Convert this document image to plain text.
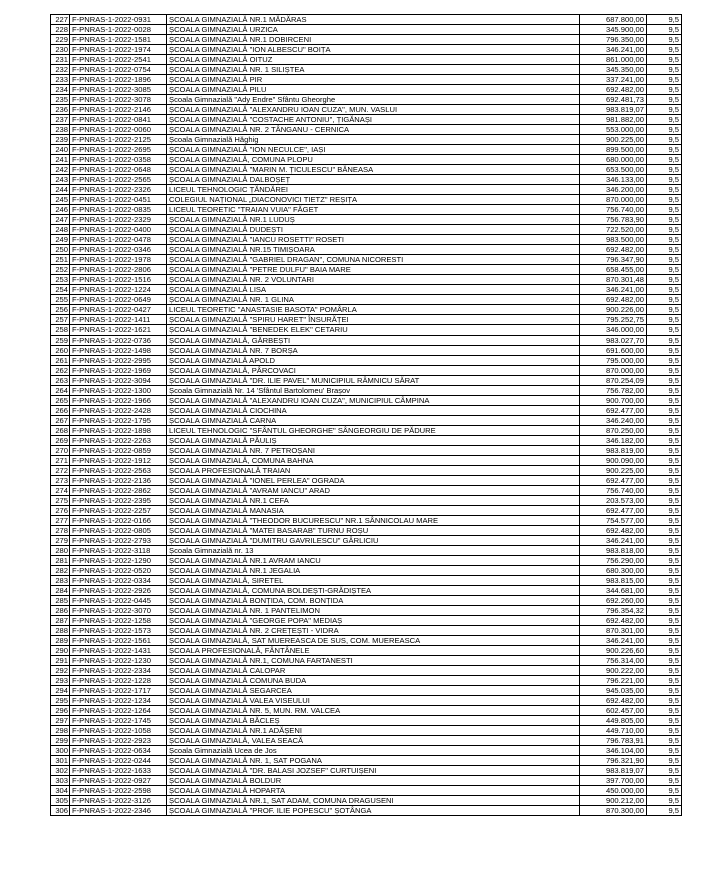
227	F-PNRAS-1-2022-0931	ȘCOALA GIMNAZIALĂ NR.1 MĂDĂRAS	687.800,00	9,5
228	F-PNRAS-1-2022-0028	ȘCOALA GIMNAZIALĂ URZICA	345.900,00	9,5
229	F-PNRAS-1-2022-1581	ȘCOALA GIMNAZIALĂ NR.1 DOBIRCENI	796.350,00	9,5
230	F-PNRAS-1-2022-1974	ȘCOALA GIMNAZIALĂ "ION ALBESCU" BOIȚA	346.241,00	9,5
231	F-PNRAS-1-2022-2541	ȘCOALA GIMNAZIALĂ OITUZ	861.000,00	9,5
232	F-PNRAS-1-2022-0754	ȘCOALA GIMNAZIALĂ NR. 1 SILIȘTEA	345.350,00	9,5
233	F-PNRAS-1-2022-1896	ȘCOALA GIMNAZIALĂ PIR	337.241,00	9,5
234	F-PNRAS-1-2022-3085	ȘCOALA GIMNAZIALĂ PILU	692.482,00	9,5
235	F-PNRAS-1-2022-3078	Școala Gimnazială "Ady Endre" Sfântu Gheorghe	692.481,73	9,5
236	F-PNRAS-1-2022-2146	ȘCOALA GIMNAZIALĂ "ALEXANDRU IOAN CUZA", MUN. VASLUI	983.819,07	9,5
237	F-PNRAS-1-2022-0841	ȘCOALA GIMNAZIALĂ "COSTACHE ANTONIU", ȚIGĂNAȘI	981.882,00	9,5
238	F-PNRAS-1-2022-0060	ȘCOALA GIMNAZIALĂ NR. 2 TÂNGANU - CERNICA	553.000,00	9,5
239	F-PNRAS-1-2022-2125	Școala Gimnazială Hăghig	900.225,00	9,5
240	F-PNRAS-1-2022-2695	ȘCOALA GIMNAZIALĂ "ION NECULCE", IAȘI	899.500,00	9,5
241	F-PNRAS-1-2022-0358	ȘCOALA GIMNAZIALĂ, COMUNA PLOPU	680.000,00	9,5
242	F-PNRAS-1-2022-0648	ȘCOALA GIMNAZIALĂ "MARIN M. ȚICULESCU" BĂNEASA	653.500,00	9,5
243	F-PNRAS-1-2022-2565	ȘCOALA GIMNAZIALĂ DALBOȘEȚ	346.133,00	9,5
244	F-PNRAS-1-2022-2326	LICEUL TEHNOLOGIC ȚĂNDĂREI	346.200,00	9,5
245	F-PNRAS-1-2022-0451	COLEGIUL NAȚIONAL „DIACONOVICI TIETZ" REȘIȚA	870.000,00	9,5
246	F-PNRAS-1-2022-0835	LICEUL TEORETIC "TRAIAN VUIA" FĂGET	756.740,00	9,5
247	F-PNRAS-1-2022-2329	ȘCOALA GIMNAZIALĂ NR.1 LUDUȘ	756.783,90	9,5
248	F-PNRAS-1-2022-0400	ȘCOALA GIMNAZIALĂ DUDEȘTI	722.520,00	9,5
249	F-PNRAS-1-2022-0478	ȘCOALA GIMNAZIALĂ "IANCU ROSETTI" ROSETI	983.500,00	9,5
250	F-PNRAS-1-2022-0346	ȘCOALA GIMNAZIALĂ NR.15 TIMIȘOARA	692.482,00	9,5
251	F-PNRAS-1-2022-1978	ȘCOALA GIMNAZIALĂ "GABRIEL DRAGAN", COMUNA NICORESTI	796.347,90	9,5
252	F-PNRAS-1-2022-2806	ȘCOALA GIMNAZIALĂ "PETRE DULFU" BAIA MARE	658.455,00	9,5
253	F-PNRAS-1-2022-1516	ȘCOALA GIMNAZIALĂ NR. 2 VOLUNTARI	870.301,48	9,5
254	F-PNRAS-1-2022-1224	ȘCOALA GIMNAZIALĂ LISA	346.241,00	9,5
255	F-PNRAS-1-2022-0649	ȘCOALA GIMNAZIALĂ NR. 1 GLINA	692.482,00	9,5
256	F-PNRAS-1-2022-0427	LICEUL TEORETIC "ANASTASIE BASOTA" POMÂRLA	900.226,00	9,5
257	F-PNRAS-1-2022-1411	ȘCOALA GIMNAZIALĂ "SPIRU HARET" ÎNSURĂȚEI	795.252,75	9,5
258	F-PNRAS-1-2022-1621	ȘCOALA GIMNAZIALĂ "BENEDEK ELEK" CETARIU	346.000,00	9,5
259	F-PNRAS-1-2022-0736	ȘCOALA GIMNAZIALĂ, GĂRBEȘTI	983.027,70	9,5
260	F-PNRAS-1-2022-1498	ȘCOALA GIMNAZIALĂ NR. 7 BORȘA	691.600,00	9,5
261	F-PNRAS-1-2022-2995	ȘCOALA GIMNAZIALĂ APOLD	795.000,00	9,5
262	F-PNRAS-1-2022-1969	ȘCOALA GIMNAZIALĂ, PÂRCOVACI	870.000,00	9,5
263	F-PNRAS-1-2022-3094	ȘCOALA GIMNAZIALĂ "DR. ILIE PAVEL" MUNICIPIUL RÂMNICU SĂRAT	870.254,09	9,5
264	F-PNRAS-1-2022-1300	Școala Gimnazială Nr. 14 'Sfântul Bartolomeu' Brașov	756.782,00	9,5
265	F-PNRAS-1-2022-1966	ȘCOALA GIMNAZIALĂ "ALEXANDRU IOAN CUZA", MUNICIPIUL CÂMPINA	900.700,00	9,5
266	F-PNRAS-1-2022-2428	ȘCOALA GIMNAZIALĂ CIOCHINA	692.477,00	9,5
267	F-PNRAS-1-2022-1795	ȘCOALA GIMNAZIALĂ CARNA	346.240,00	9,5
268	F-PNRAS-1-2022-1898	LICEUL TEHNOLOGIC "SFÂNTUL GHEORGHE" SÂNGEORGIU DE PĂDURE	870.250,00	9,5
269	F-PNRAS-1-2022-2263	ȘCOALA GIMNAZIALĂ PĂULIȘ	346.182,00	9,5
270	F-PNRAS-1-2022-0859	ȘCOALA GIMNAZIALĂ NR. 7 PETROȘANI	983.819,00	9,5
271	F-PNRAS-1-2022-1912	ȘCOALA GIMNAZIALĂ, COMUNA BAHNA	900.090,00	9,5
272	F-PNRAS-1-2022-2563	ȘCOALA PROFESIONALĂ TRAIAN	900.225,00	9,5
273	F-PNRAS-1-2022-2136	ȘCOALA GIMNAZIALĂ "IONEL PERLEA" OGRADA	692.477,00	9,5
274	F-PNRAS-1-2022-2862	ȘCOALA GIMNAZIALĂ "AVRAM IANCU" ARAD	756.740,00	9,5
275	F-PNRAS-1-2022-2395	ȘCOALA GIMNAZIALĂ NR.1 CEFA	203.573,00	9,5
276	F-PNRAS-1-2022-2257	ȘCOALA GIMNAZIALĂ MANASIA	692.477,00	9,5
277	F-PNRAS-1-2022-0166	ȘCOALA GIMNAZIALĂ "THEODOR BUCURESCU" NR.1 SÂNNICOLAU MARE	754.577,00	9,5
278	F-PNRAS-1-2022-0805	ȘCOALA GIMNAZIALĂ "MATEI BASARAB" TURNU ROȘU	692.482,00	9,5
279	F-PNRAS-1-2022-2793	ȘCOALA GIMNAZIALĂ "DUMITRU GAVRILESCU" GÂRLICIU	346.241,00	9,5
280	F-PNRAS-1-2022-3118	Școala Gimnazială nr. 13	983.818,00	9,5
281	F-PNRAS-1-2022-1290	ȘCOALA GIMNAZIALĂ NR.1 AVRAM IANCU	756.290,00	9,5
282	F-PNRAS-1-2022-0520	ȘCOALA GIMNAZIALĂ NR.1 JEGALIA	680.300,00	9,5
283	F-PNRAS-1-2022-0334	ȘCOALA GIMNAZIALĂ, SIRETEL	983.815,00	9,5
284	F-PNRAS-1-2022-2926	ȘCOALA GIMNAZIALĂ, COMUNA BOLDEȘTI-GRĂDIȘTEA	344.681,00	9,5
285	F-PNRAS-1-2022-0445	ȘCOALA GIMNAZIALĂ BONȚIDA, COM. BONȚIDA	692.260,00	9,5
286	F-PNRAS-1-2022-3070	ȘCOALA GIMNAZIALĂ NR. 1 PANTELIMON	796.354,32	9,5
287	F-PNRAS-1-2022-1258	ȘCOALA GIMNAZIALĂ "GEORGE POPA" MEDIAȘ	692.482,00	9,5
288	F-PNRAS-1-2022-1573	ȘCOALA GIMNAZIALĂ NR. 2 CREȚEȘTI - VIDRA	870.301,00	9,5
289	F-PNRAS-1-2022-1561	ȘCOALA GIMNAZIALĂ, SAT MUEREASCA DE SUS, COM. MUEREASCA	346.241,00	9,5
290	F-PNRAS-1-2022-1431	ȘCOALA PROFESIONALĂ, FÂNTÂNELE	900.226,60	9,5
291	F-PNRAS-1-2022-1230	ȘCOALA GIMNAZIALĂ NR.1, COMUNA FARTANESTI	756.314,00	9,5
292	F-PNRAS-1-2022-2334	ȘCOALA GIMNAZIALĂ CALOPAR	900.222,00	9,5
293	F-PNRAS-1-2022-1228	ȘCOALA GIMNAZIALĂ COMUNA BUDA	796.221,00	9,5
294	F-PNRAS-1-2022-1717	ȘCOALA GIMNAZIALĂ SEGARCEA	945.035,00	9,5
295	F-PNRAS-1-2022-1234	ȘCOALA GIMNAZIALĂ VALEA VISEULUI	692.482,00	9,5
296	F-PNRAS-1-2022-1264	ȘCOALA GIMNAZIALĂ NR. 5, MUN. RM. VALCEA	602.457,00	9,5
297	F-PNRAS-1-2022-1745	ȘCOALA GIMNAZIALĂ BĂCLEȘ	449.805,00	9,5
298	F-PNRAS-1-2022-1058	ȘCOALA GIMNAZIALĂ NR.1 ADĂȘENI	449.710,00	9,5
299	F-PNRAS-1-2022-2923	ȘCOALA GIMNAZIALĂ, VALEA SEACĂ	796.783,91	9,5
300	F-PNRAS-1-2022-0634	Școala Gimnazială Ucea de Jos	346.104,00	9,5
301	F-PNRAS-1-2022-0244	ȘCOALA GIMNAZIALĂ NR. 1, SAT POGANA	796.321,90	9,5
302	F-PNRAS-1-2022-1633	ȘCOALA GIMNAZIALĂ "DR. BALASI JOZSEF" CURTUIȘENI	983.819,07	9,5
303	F-PNRAS-1-2022-0927	ȘCOALA GIMNAZIALĂ BOLDUR	397.700,00	9,5
304	F-PNRAS-1-2022-2598	ȘCOALA GIMNAZIALĂ HOPARTA	450.000,00	9,5
305	F-PNRAS-1-2022-3126	ȘCOALA GIMNAZIALĂ NR.1, SAT ADAM, COMUNA DRAGUSENI	900.212,00	9,5
306	F-PNRAS-1-2022-2346	ȘCOALA GIMNAZIALĂ "PROF. ILIE POPESCU" ȘOTÂNGA	870.300,00	9,5
